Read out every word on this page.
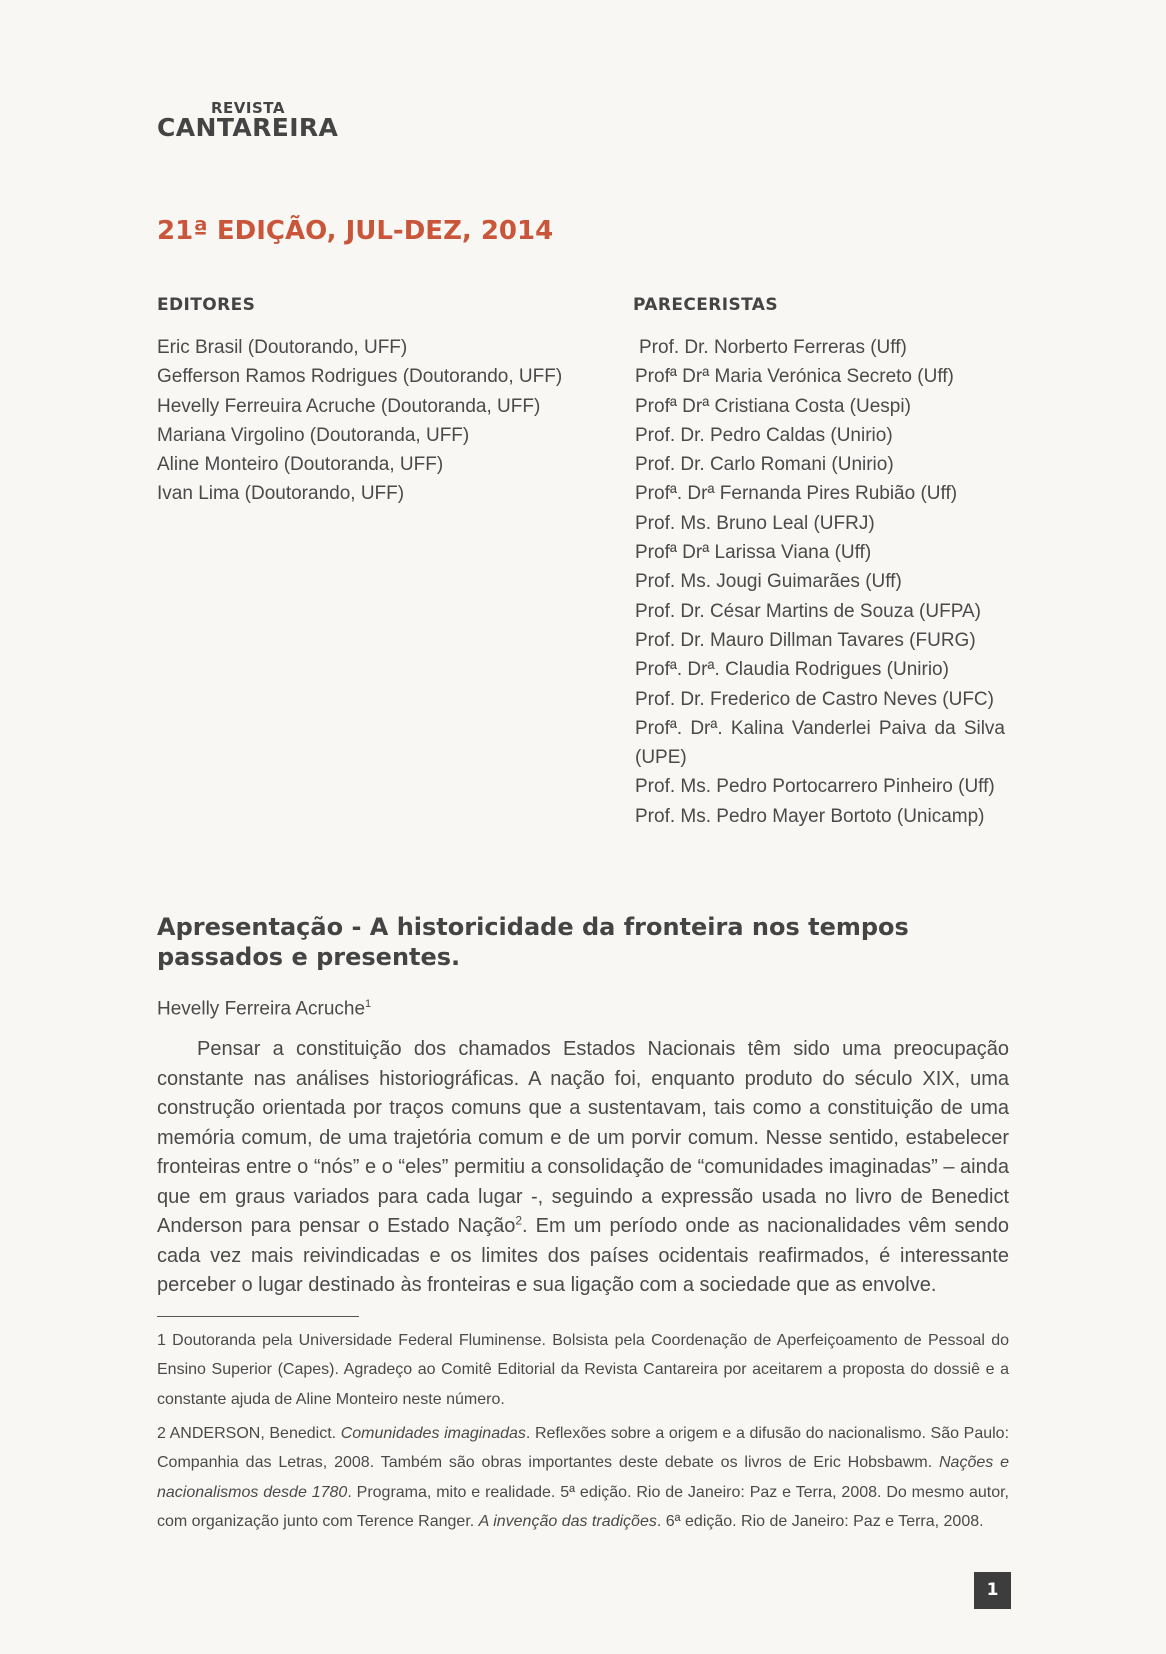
REVISTA
CANTAREIRA
21ª EDIÇÃO, JUL-DEZ, 2014
EDITORES
Eric Brasil (Doutorando, UFF)
Gefferson Ramos Rodrigues (Doutorando, UFF)
Hevelly Ferreuira Acruche (Doutoranda, UFF)
Mariana Virgolino (Doutoranda, UFF)
Aline Monteiro (Doutoranda, UFF)
Ivan Lima (Doutorando, UFF)
PARECERISTAS
Prof. Dr. Norberto Ferreras (Uff)
Profª Drª Maria Verónica Secreto (Uff)
Profª Drª Cristiana Costa (Uespi)
Prof. Dr. Pedro Caldas (Unirio)
Prof. Dr. Carlo Romani (Unirio)
Profª. Drª Fernanda Pires Rubião (Uff)
Prof. Ms. Bruno Leal (UFRJ)
Profª Drª Larissa Viana (Uff)
Prof. Ms. Jougi Guimarães (Uff)
Prof. Dr. César Martins de Souza (UFPA)
Prof. Dr. Mauro Dillman Tavares (FURG)
Profª. Drª. Claudia Rodrigues (Unirio)
Prof. Dr. Frederico de Castro Neves (UFC)
Profª. Drª. Kalina Vanderlei Paiva da Silva (UPE)
Prof. Ms. Pedro Portocarrero Pinheiro (Uff)
Prof. Ms. Pedro Mayer Bortoto (Unicamp)
Apresentação - A historicidade da fronteira nos tempos passados e presentes.
Hevelly Ferreira Acruche$^1$

Pensar a constituição dos chamados Estados Nacionais têm sido uma preocupação constante nas análises historiográficas. A nação foi, enquanto produto do século XIX, uma construção orientada por traços comuns que a sustentavam, tais como a constituição de uma memória comum, de uma trajetória comum e de um porvir comum. Nesse sentido, estabelecer fronteiras entre o “nós” e o “eles” permitiu a consolidação de “comunidades imaginadas” – ainda que em graus variados para cada lugar -, seguindo a expressão usada no livro de Benedict Anderson para pensar o Estado Nação$^2$. Em um período onde as nacionalidades vêm sendo cada vez mais reivindicadas e os limites dos países ocidentais reafirmados, é interessante perceber o lugar destinado às fronteiras e sua ligação com a sociedade que as envolve.

1 Doutoranda pela Universidade Federal Fluminense. Bolsista pela Coordenação de Aperfeiçoamento de Pessoal do Ensino Superior (Capes). Agradeço ao Comitê Editorial da Revista Cantareira por aceitarem a proposta do dossiê e a constante ajuda de Aline Monteiro neste número.

2 ANDERSON, Benedict. Comunidades imaginadas. Reflexões sobre a origem e a difusão do nacionalismo. São Paulo: Companhia das Letras, 2008. Também são obras importantes deste debate os livros de Eric Hobsbawm. Nações e nacionalismos desde 1780. Programa, mito e realidade. 5ª edição. Rio de Janeiro: Paz e Terra, 2008. Do mesmo autor, com organização junto com Terence Ranger. A invenção das tradições. 6ª edição. Rio de Janeiro: Paz e Terra, 2008.

1
